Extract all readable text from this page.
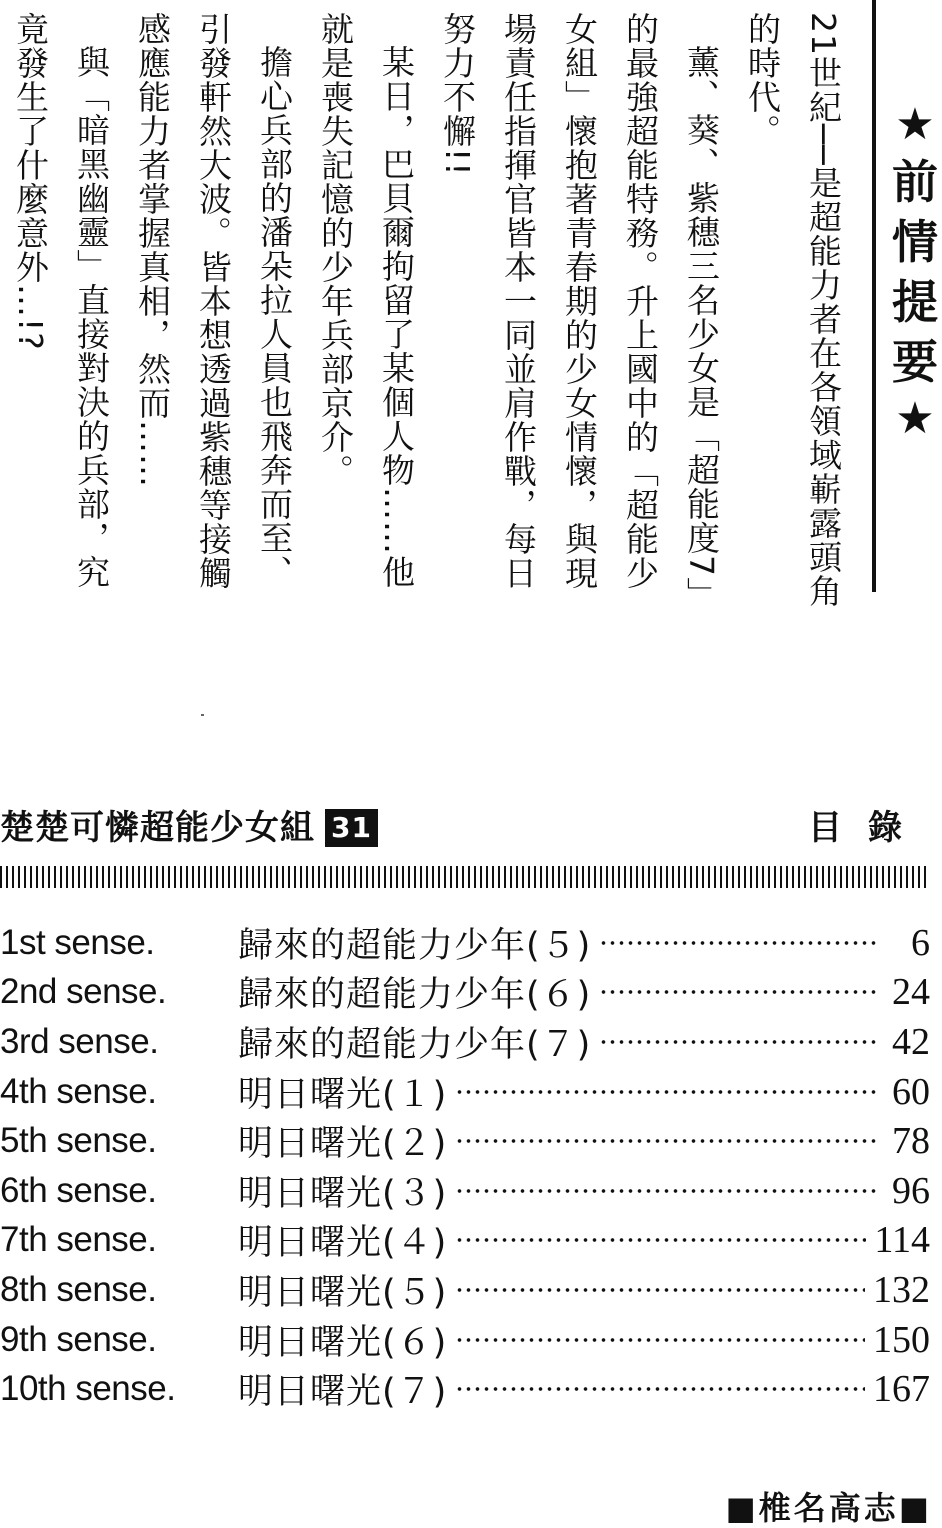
★
前
情
提
要
★

21世紀──是超能力者在各領域嶄露頭角的時代。

薰、葵、紫穗三名少女是「超能度7」的最強超能特務。升上國中的「超能少女組」懷抱著青春期的少女情懷，與現場責任指揮官皆本一同並肩作戰，每日努力不懈!!

某日，巴貝爾拘留了某個人物……他就是喪失記憶的少年兵部京介。

擔心兵部的潘朵拉人員也飛奔而至、引發軒然大波。皆本想透過紫穗等接觸感應能力者掌握真相，然而……

與「暗黑幽靈」直接對決的兵部，究竟發生了什麼意外…!?

楚楚可憐超能少女組 31	目錄
1st sense.	歸來的超能力少年(５)	6
2nd sense.	歸來的超能力少年(６)	24
3rd sense.	歸來的超能力少年(７)	42
4th sense.	明日曙光(１)	60
5th sense.	明日曙光(２)	78
6th sense.	明日曙光(３)	96
7th sense.	明日曙光(４)	114
8th sense.	明日曙光(５)	132
9th sense.	明日曙光(６)	150
10th sense.	明日曙光(７)	167
■椎名高志■
